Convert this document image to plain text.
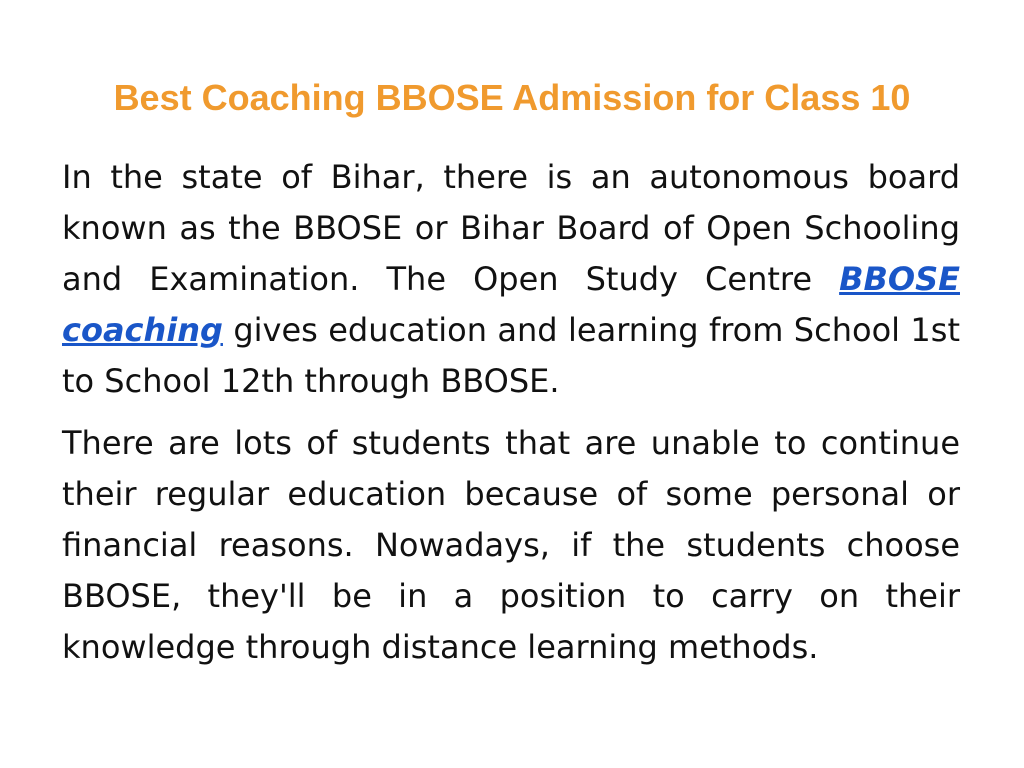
Best Coaching BBOSE Admission for Class 10

In the state of Bihar, there is an autonomous board known as the BBOSE or Bihar Board of Open Schooling and Examination. The Open Study Centre BBOSE coaching gives education and learning from School 1st to School 12th through BBOSE.

There are lots of students that are unable to continue their regular education because of some personal or financial reasons. Nowadays, if the students choose BBOSE, they'll be in a position to carry on their knowledge through distance learning methods.
